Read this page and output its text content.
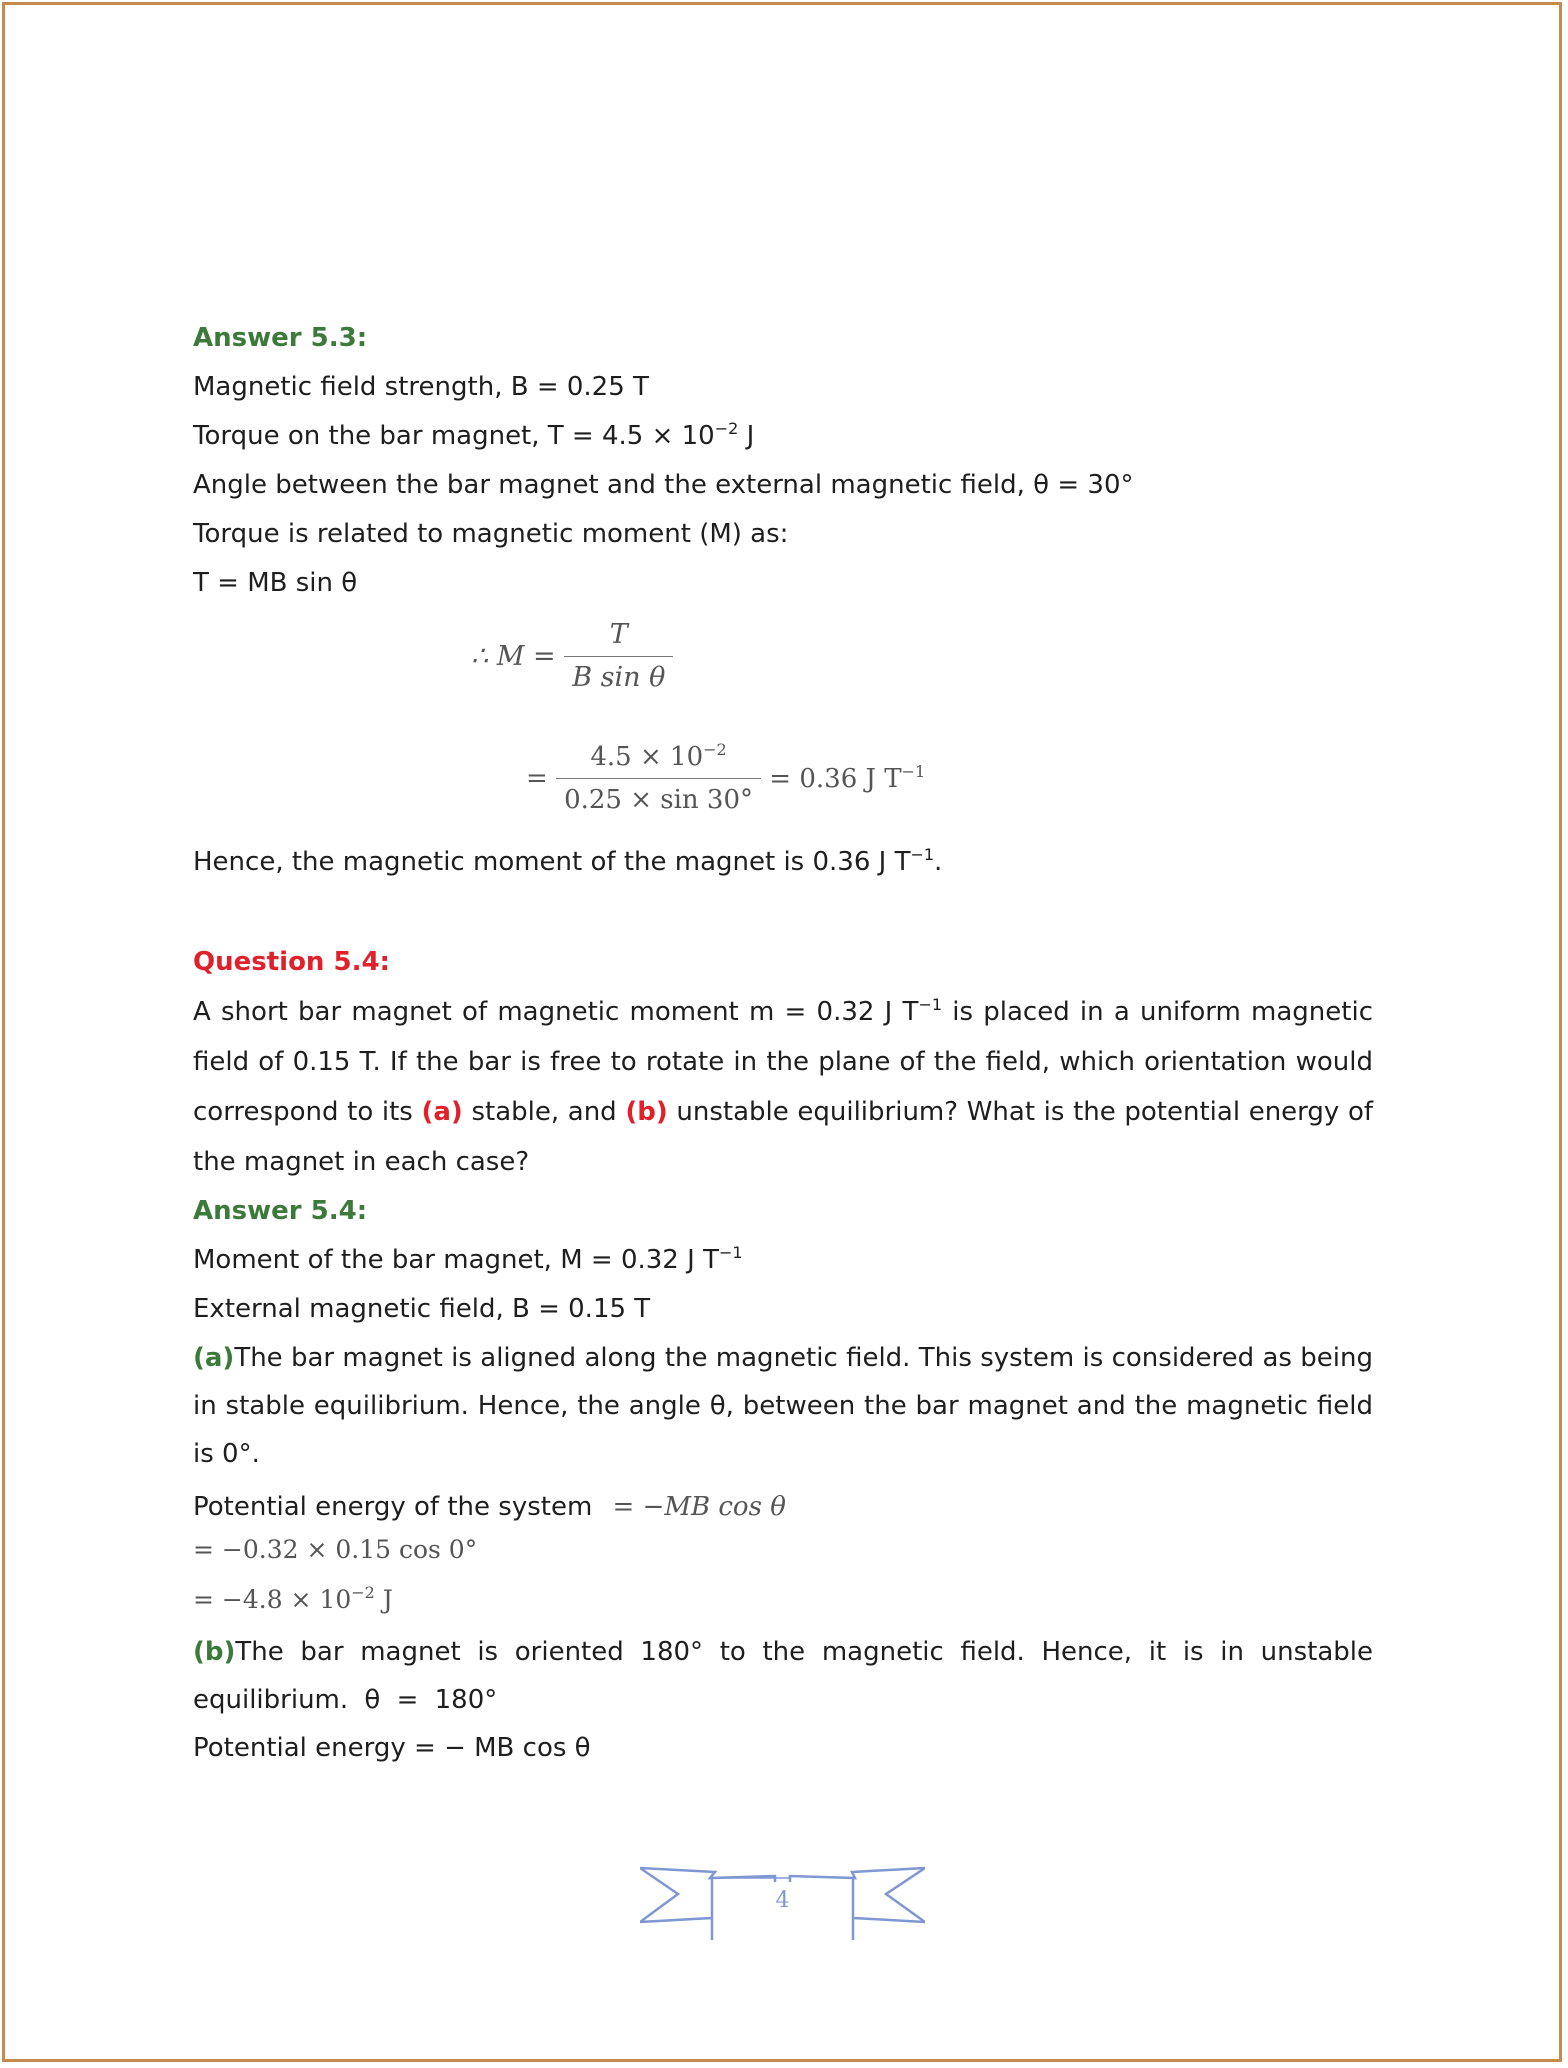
Answer 5.3:
Magnetic field strength, B = 0.25 T
Torque on the bar magnet, $T = 4.5 \times 10^{-2}$ J
Angle between the bar magnet and the external magnetic field, θ = 30°
Torque is related to magnetic moment (M) as:
T = MB sin θ
∴ $M = \frac{T}{\text{B sin θ}}$
= $\frac{4.5 \times 10^{-2}}{0.25 \times \sin 30^\circ} = 0.36$ J $T^{-1}$
Hence, the magnetic moment of the magnet is 0.36 J $T^{-1}$.
Question 5.4:
A short bar magnet of magnetic moment m = 0.32 J $T^{-1}$ is placed in a uniform magnetic field of 0.15 T. If the bar is free to rotate in the plane of the field, which orientation would correspond to its (a) stable, and (b) unstable equilibrium? What is the potential energy of the magnet in each case?
Answer 5.4:
Moment of the bar magnet, M = 0.32 J $T^{-1}$
External magnetic field, B = 0.15 T
(a)The bar magnet is aligned along the magnetic field. This system is considered as being in stable equilibrium. Hence, the angle θ, between the bar magnet and the magnetic field is 0°.
Potential energy of the system = −MB cos θ
= −0.32 × 0.15 cos 0°
= $-4.8 \times 10^{-2}$ J
(b)The bar magnet is oriented 180° to the magnetic field. Hence, it is in unstable equilibrium. θ = 180°
Potential energy = − MB cos θ
4
